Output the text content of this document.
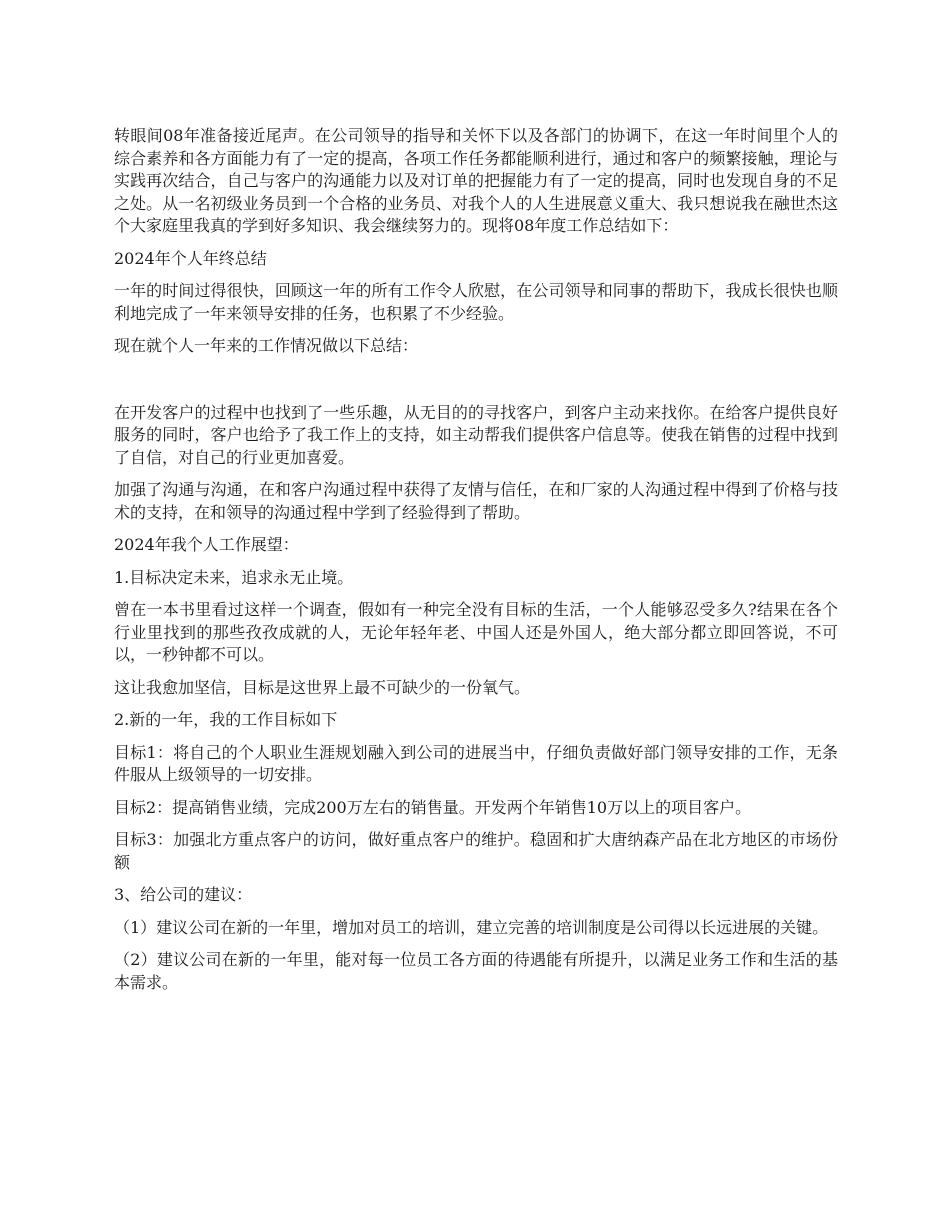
转眼间08年准备接近尾声。在公司领导的指导和关怀下以及各部门的协调下，在这一年时间里个人的综合素养和各方面能力有了一定的提高，各项工作任务都能顺利进行，通过和客户的频繁接触，理论与实践再次结合，自己与客户的沟通能力以及对订单的把握能力有了一定的提高，同时也发现自身的不足之处。从一名初级业务员到一个合格的业务员、对我个人的人生进展意义重大、我只想说我在融世杰这个大家庭里我真的学到好多知识、我会继续努力的。现将08年度工作总结如下：

2024年个人年终总结

一年的时间过得很快，回顾这一年的所有工作令人欣慰，在公司领导和同事的帮助下，我成长很快也顺利地完成了一年来领导安排的任务，也积累了不少经验。

现在就个人一年来的工作情况做以下总结：

在开发客户的过程中也找到了一些乐趣，从无目的的寻找客户，到客户主动来找你。在给客户提供良好服务的同时，客户也给予了我工作上的支持，如主动帮我们提供客户信息等。使我在销售的过程中找到了自信，对自己的行业更加喜爱。

加强了沟通与沟通，在和客户沟通过程中获得了友情与信任，在和厂家的人沟通过程中得到了价格与技术的支持，在和领导的沟通过程中学到了经验得到了帮助。

2024年我个人工作展望：

1.目标决定未来，追求永无止境。

曾在一本书里看过这样一个调查，假如有一种完全没有目标的生活，一个人能够忍受多久?结果在各个行业里找到的那些孜孜成就的人，无论年轻年老、中国人还是外国人，绝大部分都立即回答说，不可以，一秒钟都不可以。

这让我愈加坚信，目标是这世界上最不可缺少的一份氧气。

2.新的一年，我的工作目标如下

目标1：将自己的个人职业生涯规划融入到公司的进展当中，仔细负责做好部门领导安排的工作，无条件服从上级领导的一切安排。

目标2：提高销售业绩，完成200万左右的销售量。开发两个年销售10万以上的项目客户。

目标3：加强北方重点客户的访问，做好重点客户的维护。稳固和扩大唐纳森产品在北方地区的市场份额

3、给公司的建议：

（1）建议公司在新的一年里，增加对员工的培训，建立完善的培训制度是公司得以长远进展的关键。

（2）建议公司在新的一年里，能对每一位员工各方面的待遇能有所提升，以满足业务工作和生活的基本需求。
